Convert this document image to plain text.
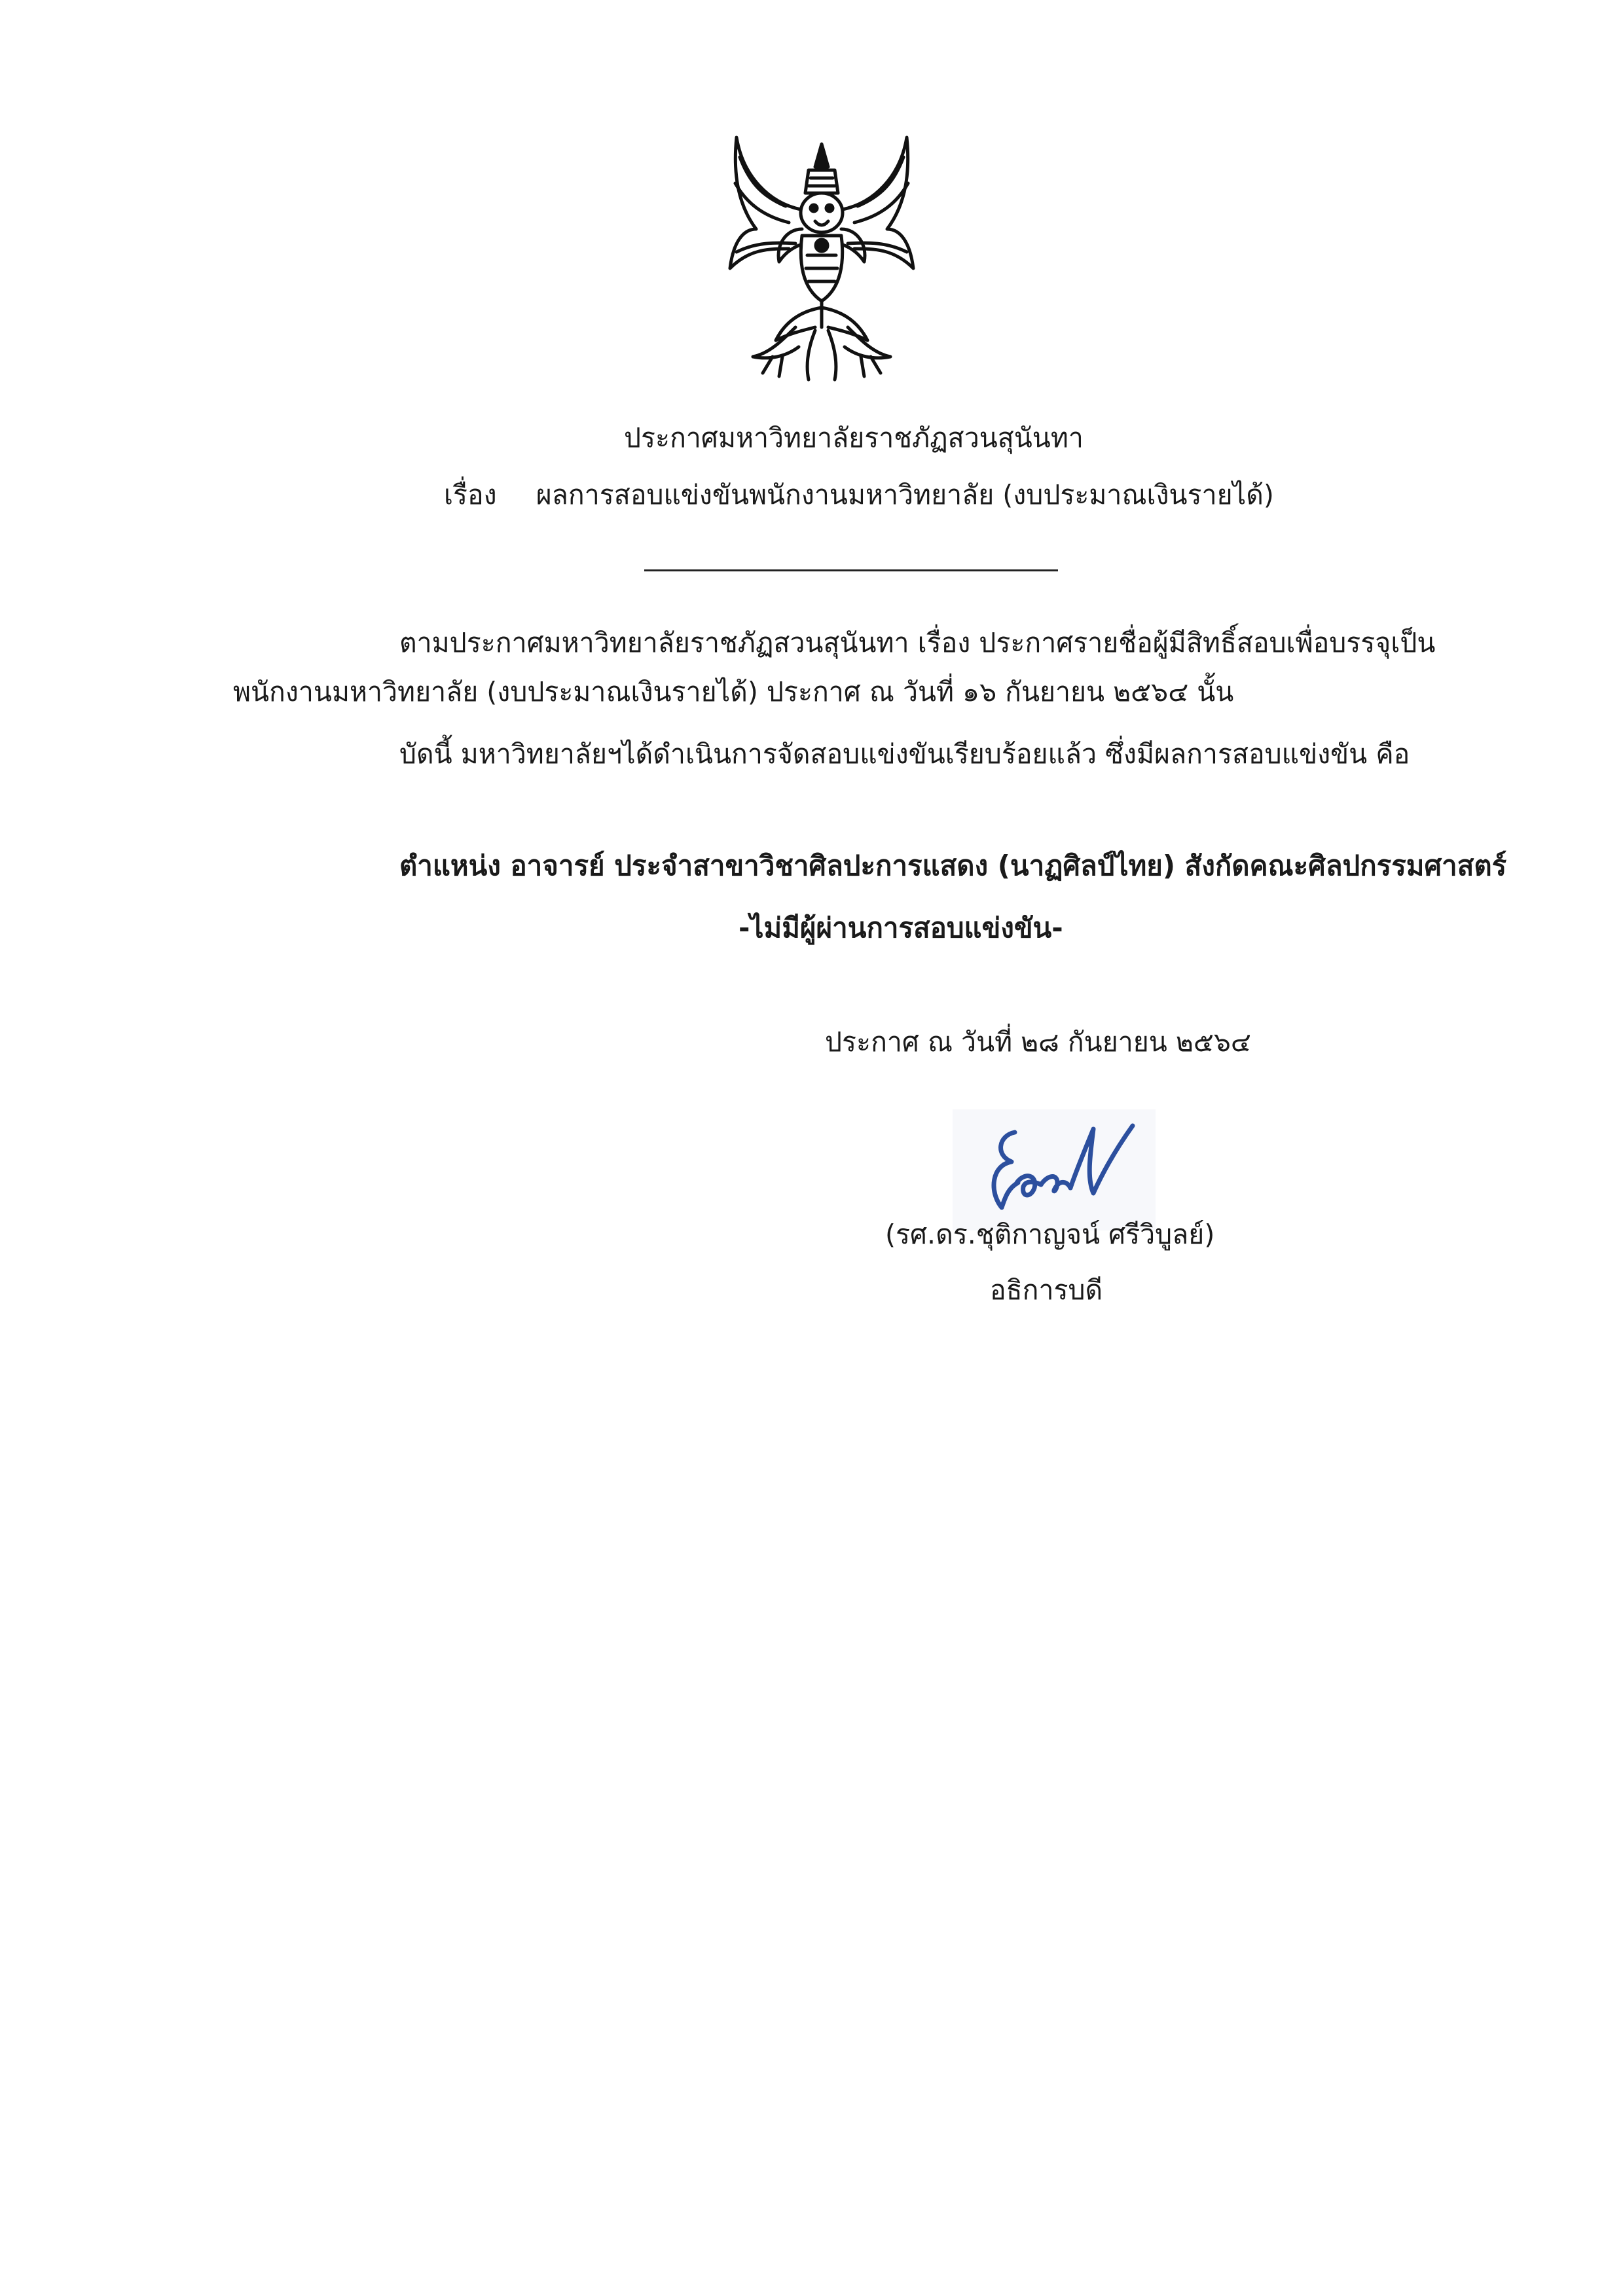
ประกาศมหาวิทยาลัยราชภัฏสวนสุนันทา
เรื่อง ผลการสอบแข่งขันพนักงานมหาวิทยาลัย (งบประมาณเงินรายได้)
ตามประกาศมหาวิทยาลัยราชภัฏสวนสุนันทา เรื่อง ประกาศรายชื่อผู้มีสิทธิ์สอบเพื่อบรรจุเป็น
พนักงานมหาวิทยาลัย (งบประมาณเงินรายได้) ประกาศ ณ วันที่ ๑๖ กันยายน ๒๕๖๔ นั้น
บัดนี้ มหาวิทยาลัยฯได้ดำเนินการจัดสอบแข่งขันเรียบร้อยแล้ว ซึ่งมีผลการสอบแข่งขัน คือ
ตำแหน่ง อาจารย์ ประจำสาขาวิชาศิลปะการแสดง (นาฏศิลป์ไทย) สังกัดคณะศิลปกรรมศาสตร์
-ไม่มีผู้ผ่านการสอบแข่งขัน-
ประกาศ ณ วันที่ ๒๘ กันยายน ๒๕๖๔
(รศ.ดร.ชุติกาญจน์ ศรีวิบูลย์)
อธิการบดี
